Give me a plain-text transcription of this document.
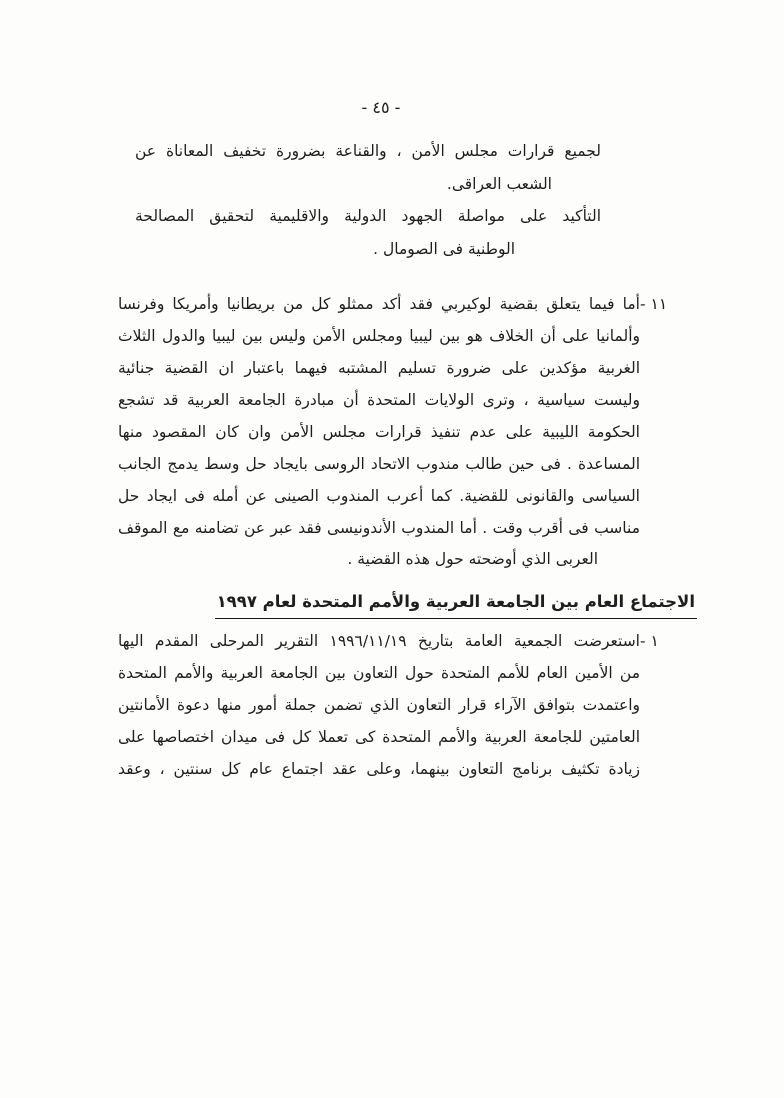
- ٤٥ -
لجميع قرارات مجلس الأمن ، والقناعة بضرورة تخفيف المعاناة عن
الشعب العراقى.
التأكيد على مواصلة الجهود الدولية والاقليمية لتحقيق المصالحة
الوطنية فى الصومال .
١١ -
أما فيما يتعلق بقضية لوكيربي فقد أكد ممثلو كل من بريطانيا وأمريكا وفرنسا
وألمانيا على أن الخلاف هو بين ليبيا ومجلس الأمن وليس بين ليبيا والدول الثلاث
الغربية مؤكدين على ضرورة تسليم المشتبه فيهما باعتبار ان القضية جنائية
وليست سياسية ، وترى الولايات المتحدة أن مبادرة الجامعة العربية قد تشجع
الحكومة الليبية على عدم تنفيذ قرارات مجلس الأمن وان كان المقصود منها
المساعدة . فى حين طالب مندوب الاتحاد الروسى بايجاد حل وسط يدمج الجانب
السياسى والقانونى للقضية. كما أعرب المندوب الصينى عن أمله فى ايجاد حل
مناسب فى أقرب وقت . أما المندوب الأندونيسى فقد عبر عن تضامنه مع الموقف
العربى الذي أوضحته حول هذه القضية .
الاجتماع العام بين الجامعة العربية والأمم المتحدة لعام ١٩٩٧
١ -
استعرضت الجمعية العامة بتاريخ ١٩٩٦/١١/١٩ التقرير المرحلى المقدم اليها
من الأمين العام للأمم المتحدة حول التعاون بين الجامعة العربية والأمم المتحدة
واعتمدت بتوافق الآراء قرار التعاون الذي تضمن جملة أمور منها دعوة الأمانتين
العامتين للجامعة العربية والأمم المتحدة كى تعملا كل فى ميدان اختصاصها على
زيادة تكثيف برنامج التعاون بينهما، وعلى عقد اجتماع عام كل سنتين ، وعقد
